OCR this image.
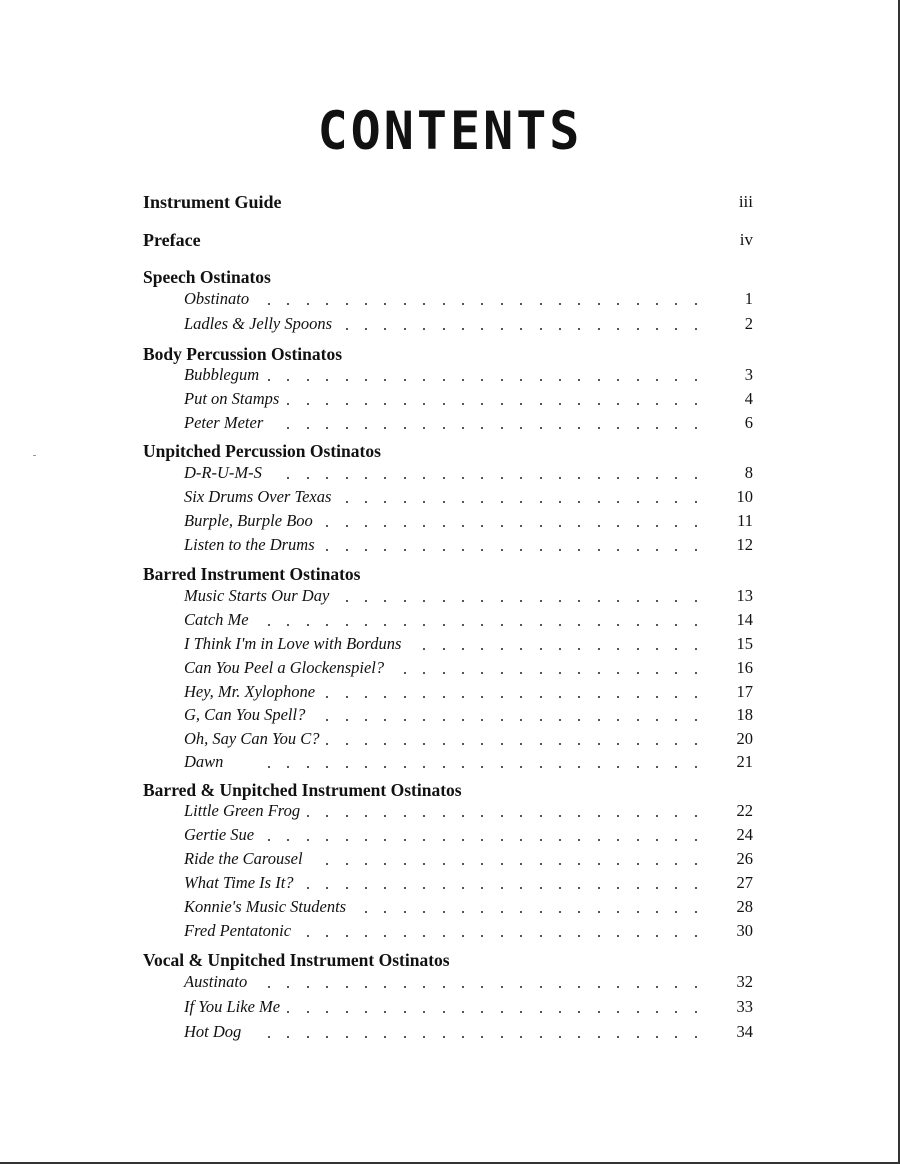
CONTENTS
Instrument Guide	iii
Preface	iv
Speech Ostinatos
Obstinato	1
Ladles & Jelly Spoons	2
Body Percussion Ostinatos
Bubblegum	3
Put on Stamps	4
Peter Meter	6
Unpitched Percussion Ostinatos
D-R-U-M-S	8
Six Drums Over Texas	10
Burple, Burple Boo	11
Listen to the Drums	12
Barred Instrument Ostinatos
Music Starts Our Day	13
Catch Me	14
I Think I'm in Love with Borduns	15
Can You Peel a Glockenspiel?	16
Hey, Mr. Xylophone	17
G, Can You Spell?	18
Oh, Say Can You C?	20
Dawn	21
Barred & Unpitched Instrument Ostinatos
Little Green Frog	22
Gertie Sue	24
Ride the Carousel	26
What Time Is It?	27
Konnie's Music Students	28
Fred Pentatonic	30
Vocal & Unpitched Instrument Ostinatos
Austinato	32
If You Like Me	33
Hot Dog	34
